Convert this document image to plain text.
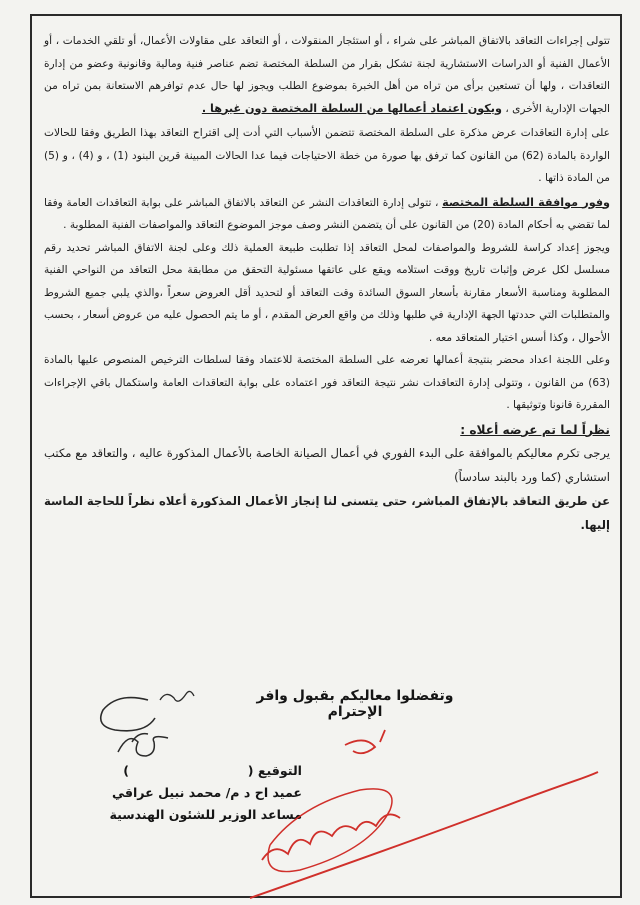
تتولى إجراءات التعاقد بالاتفاق المباشر على شراء ، أو استئجار المنقولات ، أو التعاقد على مقاولات الأعمال، أو تلقي الخدمات ، أو الأعمال الفنية أو الدراسات الاستشارية لجنة تشكل بقرار من السلطة المختصة تضم عناصر فنية ومالية وقانونية وعضو من إدارة التعاقدات ، ولها أن تستعين برأى من تراه من أهل الخبرة بموضوع الطلب ويجوز لها حال عدم توافرهم الاستعانة بمن تراه من الجهات الإدارية الأخرى ، ويكون اعتماد أعمالها من السلطة المختصة دون غيرها .

على إدارة التعاقدات عرض مذكرة على السلطة المختصة تتضمن الأسباب التي أدت إلى اقتراح التعاقد بهذا الطريق وفقا للحالات الواردة بالمادة (62) من القانون كما ترفق بها صورة من خطة الاحتياجات فيما عدا الحالات المبينة قرين البنود (1) ، و (4) ، و (5) من المادة ذاتها .

وفور موافقة السلطة المختصة ، تتولى إدارة التعاقدات النشر عن التعاقد بالاتفاق المباشر على بوابة التعاقدات العامة وفقا لما تقضي به أحكام المادة (20) من القانون على أن يتضمن النشر وصف موجز الموضوع التعاقد والمواصفات الفنية المطلوبة .

ويجوز إعداد كراسة للشروط والمواصفات لمحل التعاقد إذا تطلبت طبيعة العملية ذلك وعلى لجنة الاتفاق المباشر تحديد رقم مسلسل لكل عرض وإثبات تاريخ ووقت استلامه ويقع على عاتقها مسئولية التحقق من مطابقة محل التعاقد من النواحي الفنية المطلوبة ومناسبة الأسعار مقارنة بأسعار السوق السائدة وقت التعاقد أو لتحديد أقل العروض سعراً ،والذي يلبي جميع الشروط والمتطلبات التي حددتها الجهة الإدارية في طلبها وذلك من واقع العرض المقدم ، أو ما يتم الحصول عليه من عروض أسعار ، بحسب الأحوال ، وكذا أسس اختيار المتعاقد معه .

وعلى اللجنة اعداد محضر بنتيجة أعمالها تعرضه على السلطة المختصة للاعتماد وفقا لسلطات الترخيص المنصوص عليها بالمادة (63) من القانون ، وتتولى إدارة التعاقدات نشر نتيجة التعاقد فور اعتماده على بوابة التعاقدات العامة واستكمال باقي الإجراءات المقررة قانونا وتوثيقها .

نظراً لما تم عرضه أعلاه :

يرجى تكرم معاليكم بالموافقة على البدء الفوري في أعمال الصيانة الخاصة بالأعمال المذكورة عاليه ، والتعاقد مع مكتب استشاري (كما ورد بالبند سادساً)

عن طريق التعاقد بالإتفاق المباشر، حتى يتسنى لنا إنجاز الأعمال المذكورة أعلاه نظراً للحاجة الماسة إليها.

وتفضلوا معاليكم بقبول وافر الإحترام
التوقيع (  )
عميد اح د م/ محمد نبيل عراقي
مساعد الوزير للشئون الهندسية
